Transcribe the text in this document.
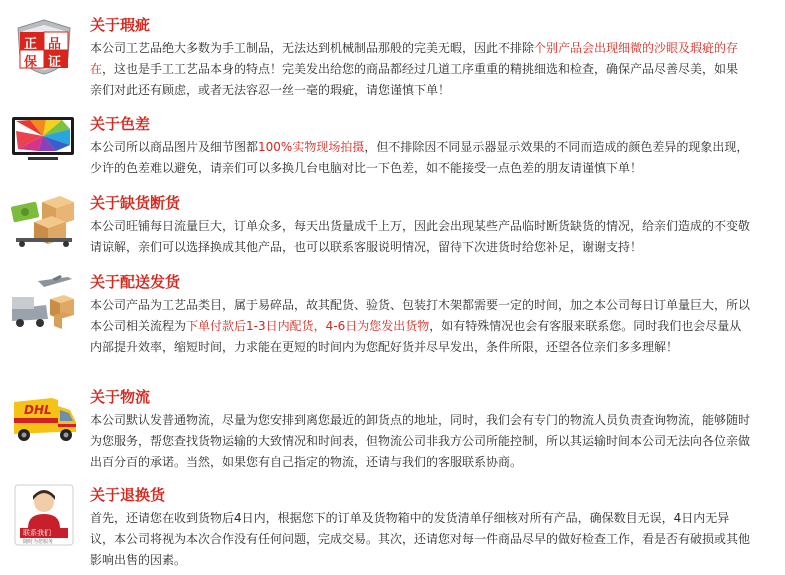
正 品
保 证
关于瑕疵
本公司工艺品绝大多数为手工制品，无法达到机械制品那般的完美无暇，因此不排除个别产品会出现细微的沙眼及瑕疵的存在，这也是手工工艺品本身的特点！完美发出给您的商品都经过几道工序重重的精挑细选和检查，确保产品尽善尽美，如果亲们对此还有顾虑，或者无法容忍一丝一毫的瑕疵，请您谨慎下单！
关于色差
本公司所以商品图片及细节图都100%实物现场拍摄，但不排除因不同显示器显示效果的不同而造成的颜色差异的现象出现，少许的色差难以避免，请亲们可以多换几台电脑对比一下色差，如不能接受一点色差的朋友请谨慎下单！
关于缺货断货
本公司旺铺每日流量巨大，订单众多，每天出货量成千上万，因此会出现某些产品临时断货缺货的情况，给亲们造成的不变敬请谅解，亲们可以选择换成其他产品，也可以联系客服说明情况，留待下次进货时给您补足，谢谢支持！
关于配送发货
本公司产品为工艺品类目，属于易碎品，故其配货、验货、包装打木架都需要一定的时间，加之本公司每日订单量巨大，所以本公司相关流程为下单付款后1-3日内配货，4-6日为您发出货物，如有特殊情况也会有客服来联系您。同时我们也会尽量从内部提升效率，缩短时间，力求能在更短的时间内为您配好货并尽早发出，条件所限，还望各位亲们多多理解！
DHL
关于物流
本公司默认发普通物流，尽量为您安排到离您最近的卸货点的地址，同时，我们会有专门的物流人员负责查询物流，能够随时为您服务，帮您查找货物运输的大致情况和时间表，但物流公司非我方公司所能控制，所以其运输时间本公司无法向各位亲做出百分百的承诺。当然，如果您有自己指定的物流，还请与我们的客服联系协商。
联系我们
随时为您服务
关于退换货
首先，还请您在收到货物后4日内，根据您下的订单及货物箱中的发货清单仔细核对所有产品，确保数目无误，4日内无异议，本公司将视为本次合作没有任何问题，完成交易。其次，还请您对每一件商品尽早的做好检查工作，看是否有破损或其他影响出售的因素。
